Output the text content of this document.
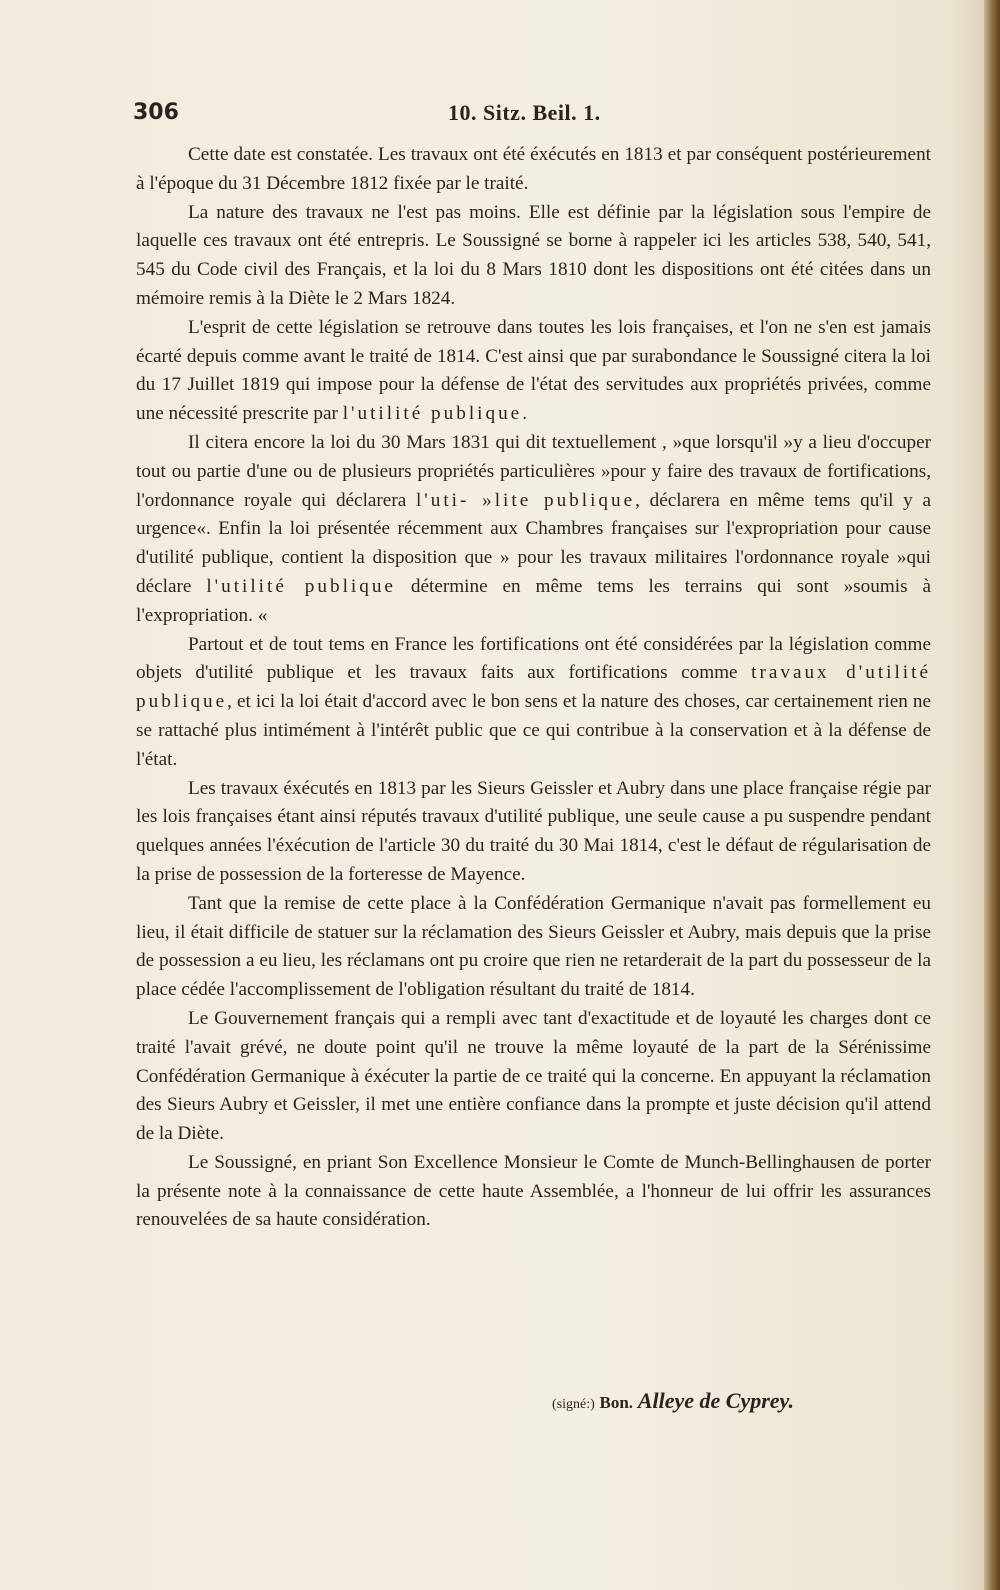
306	10. Sitz. Beil. 1.

Cette date est constatée. Les travaux ont été éxécutés en 1813 et par conséquent postérieurement à l'époque du 31 Décembre 1812 fixée par le traité.

La nature des travaux ne l'est pas moins. Elle est définie par la législation sous l'empire de laquelle ces travaux ont été entrepris. Le Soussigné se borne à rappeler ici les articles 538, 540, 541, 545 du Code civil des Français, et la loi du 8 Mars 1810 dont les dispositions ont été citées dans un mémoire remis à la Diète le 2 Mars 1824.

L'esprit de cette législation se retrouve dans toutes les lois françaises, et l'on ne s'en est jamais écarté depuis comme avant le traité de 1814. C'est ainsi que par surabondance le Soussigné citera la loi du 17 Juillet 1819 qui impose pour la défense de l'état des servitudes aux propriétés privées, comme une nécessité prescrite par l'utilité publique.

Il citera encore la loi du 30 Mars 1831 qui dit textuellement , »que lorsqu'il »y a lieu d'occuper tout ou partie d'une ou de plusieurs propriétés particulières »pour y faire des travaux de fortifications, l'ordonnance royale qui déclarera l'uti- »lite publique, déclarera en même tems qu'il y a urgence«. Enfin la loi présentée récemment aux Chambres françaises sur l'expropriation pour cause d'utilité publique, contient la disposition que » pour les travaux militaires l'ordonnance royale »qui déclare l'utilité publique détermine en même tems les terrains qui sont »soumis à l'expropriation. «

Partout et de tout tems en France les fortifications ont été considérées par la législation comme objets d'utilité publique et les travaux faits aux fortifications comme travaux d'utilité publique, et ici la loi était d'accord avec le bon sens et la nature des choses, car certainement rien ne se rattaché plus intimément à l'intérêt public que ce qui contribue à la conservation et à la défense de l'état.

Les travaux éxécutés en 1813 par les Sieurs Geissler et Aubry dans une place française régie par les lois françaises étant ainsi réputés travaux d'utilité publique, une seule cause a pu suspendre pendant quelques années l'éxécution de l'article 30 du traité du 30 Mai 1814, c'est le défaut de régularisation de la prise de possession de la forteresse de Mayence.

Tant que la remise de cette place à la Confédération Germanique n'avait pas formellement eu lieu, il était difficile de statuer sur la réclamation des Sieurs Geissler et Aubry, mais depuis que la prise de possession a eu lieu, les réclamans ont pu croire que rien ne retarderait de la part du possesseur de la place cédée l'accomplissement de l'obligation résultant du traité de 1814.

Le Gouvernement français qui a rempli avec tant d'exactitude et de loyauté les charges dont ce traité l'avait grévé, ne doute point qu'il ne trouve la même loyauté de la part de la Sérénissime Confédération Germanique à éxécuter la partie de ce traité qui la concerne. En appuyant la réclamation des Sieurs Aubry et Geissler, il met une entière confiance dans la prompte et juste décision qu'il attend de la Diète.

Le Soussigné, en priant Son Excellence Monsieur le Comte de Munch-Bellinghausen de porter la présente note à la connaissance de cette haute Assemblée, a l'honneur de lui offrir les assurances renouvelées de sa haute considération.

(signé:) Bon. Alleye de Cyprey.
